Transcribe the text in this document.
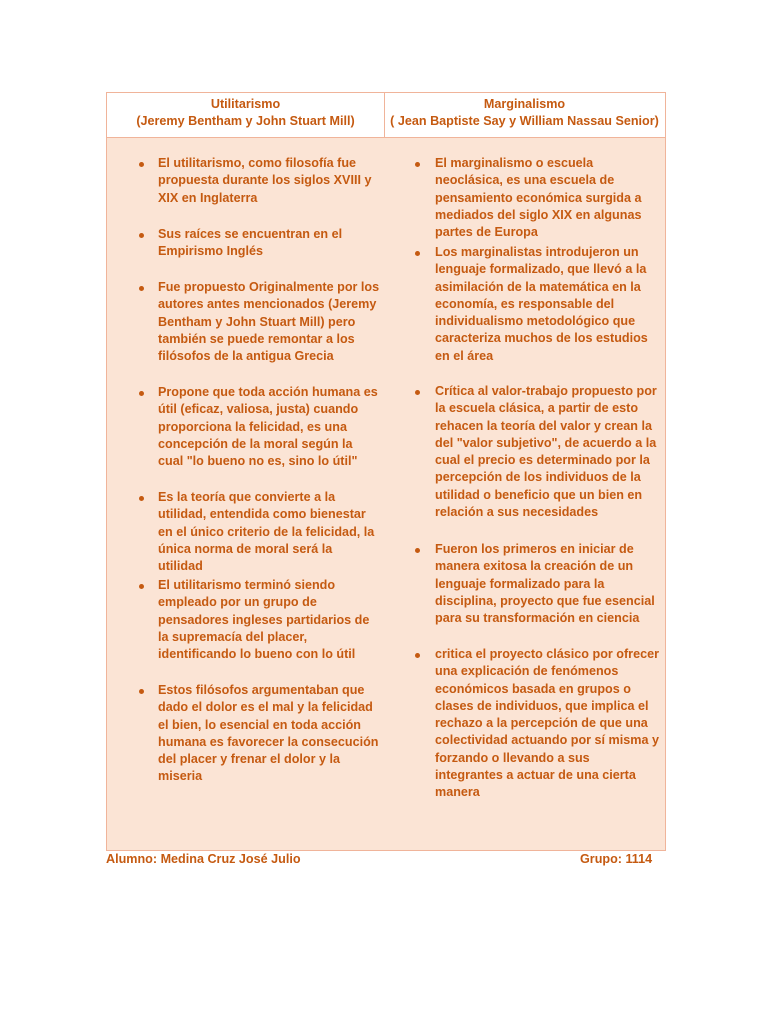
Utilitarismo
(Jeremy Bentham y John Stuart Mill)
El utilitarismo, como filosofía fue propuesta durante los siglos XVIII y XIX en Inglaterra
Sus raíces se encuentran en el Empirismo Inglés
Fue propuesto Originalmente por los autores antes mencionados (Jeremy Bentham y John Stuart Mill) pero también se puede remontar a los filósofos de la antigua Grecia
Propone que toda acción humana es útil (eficaz, valiosa, justa) cuando proporciona la felicidad, es una concepción de la moral según la cual "lo bueno no es, sino lo útil"
Es la teoría que convierte a la utilidad, entendida como bienestar en el único criterio de la felicidad, la única norma de moral será la utilidad
El utilitarismo terminó siendo empleado por un grupo de pensadores ingleses partidarios de la supremacía del placer, identificando lo bueno con lo útil
Estos filósofos argumentaban que dado el dolor es el mal y la felicidad el bien, lo esencial en toda acción humana es favorecer la consecución del placer y frenar el dolor y la miseria
Marginalismo
( Jean Baptiste Say y William Nassau Senior)
El marginalismo o escuela neoclásica, es una escuela de pensamiento económica surgida a mediados del siglo XIX en algunas partes de Europa
Los marginalistas introdujeron un lenguaje formalizado, que llevó a la asimilación de la matemática en la economía, es responsable del individualismo metodológico que caracteriza muchos de los estudios en el área
Crítica al valor-trabajo propuesto por la escuela clásica, a partir de esto rehacen la teoría del valor y crean la del "valor subjetivo", de acuerdo a la cual el precio es determinado por la percepción de los individuos de la utilidad o beneficio que un bien en relación a sus necesidades
Fueron los primeros en iniciar de manera exitosa la creación de un lenguaje formalizado para la disciplina, proyecto que fue esencial para su transformación en ciencia
critica el proyecto clásico por ofrecer una explicación de fenómenos económicos basada en grupos o clases de individuos, que implica el rechazo a la percepción de que una colectividad actuando por sí misma y forzando o llevando a sus integrantes a actuar de una cierta manera
Alumno: Medina Cruz José Julio	Grupo: 1114
